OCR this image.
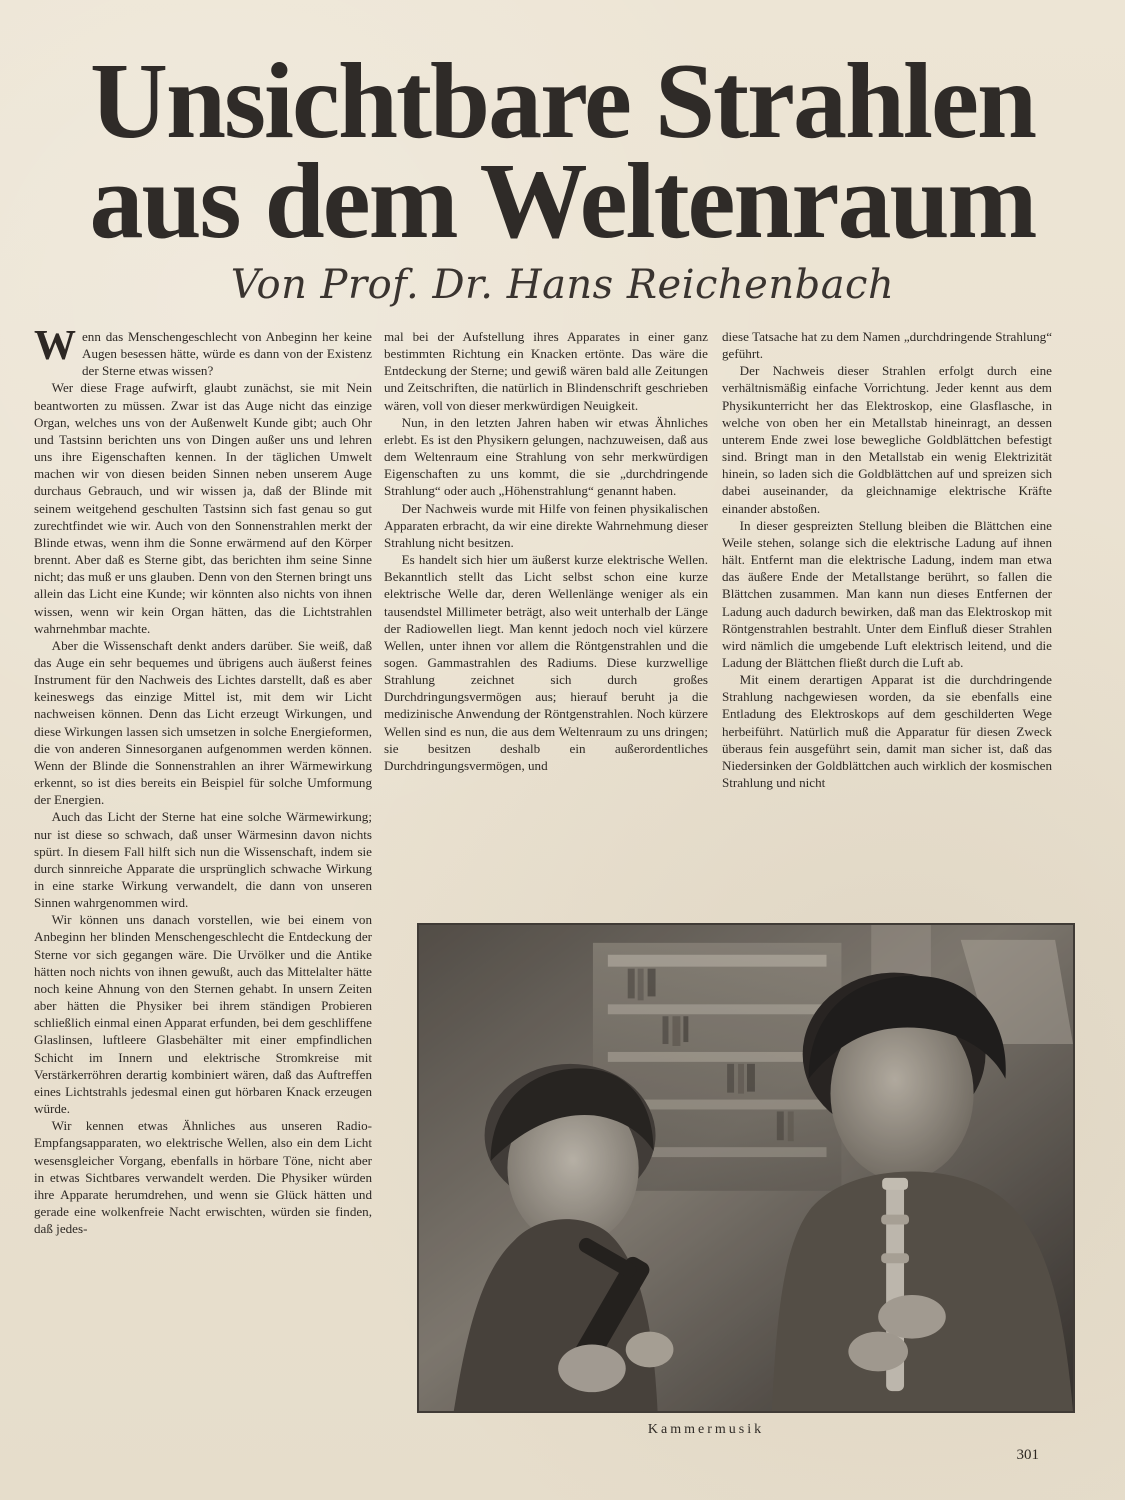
Unsichtbare Strahlen
aus dem Weltenraum
Von Prof. Dr. Hans Reichenbach

W enn das Menschengeschlecht von Anbeginn her keine Augen besessen hätte, würde es dann von der Existenz der Sterne etwas wissen?

Wer diese Frage aufwirft, glaubt zunächst, sie mit Nein beantworten zu müssen. Zwar ist das Auge nicht das einzige Organ, welches uns von der Außenwelt Kunde gibt; auch Ohr und Tastsinn berichten uns von Dingen außer uns und lehren uns ihre Eigenschaften kennen. In der täglichen Umwelt machen wir von diesen beiden Sinnen neben unserem Auge durchaus Gebrauch, und wir wissen ja, daß der Blinde mit seinem weitgehend geschulten Tastsinn sich fast genau so gut zurechtfindet wie wir. Auch von den Sonnenstrahlen merkt der Blinde etwas, wenn ihm die Sonne erwärmend auf den Körper brennt. Aber daß es Sterne gibt, das berichten ihm seine Sinne nicht; das muß er uns glauben. Denn von den Sternen bringt uns allein das Licht eine Kunde; wir könnten also nichts von ihnen wissen, wenn wir kein Organ hätten, das die Lichtstrahlen wahrnehmbar machte.

Aber die Wissenschaft denkt anders darüber. Sie weiß, daß das Auge ein sehr bequemes und übrigens auch äußerst feines Instrument für den Nachweis des Lichtes darstellt, daß es aber keineswegs das einzige Mittel ist, mit dem wir Licht nachweisen können. Denn das Licht erzeugt Wirkungen, und diese Wirkungen lassen sich umsetzen in solche Energieformen, die von anderen Sinnesorganen aufgenommen werden können. Wenn der Blinde die Sonnenstrahlen an ihrer Wärmewirkung erkennt, so ist dies bereits ein Beispiel für solche Umformung der Energien.

Auch das Licht der Sterne hat eine solche Wärmewirkung; nur ist diese so schwach, daß unser Wärmesinn davon nichts spürt. In diesem Fall hilft sich nun die Wissenschaft, indem sie durch sinnreiche Apparate die ursprünglich schwache Wirkung in eine starke Wirkung verwandelt, die dann von unseren Sinnen wahrgenommen wird.

Wir können uns danach vorstellen, wie bei einem von Anbeginn her blinden Menschengeschlecht die Entdeckung der Sterne vor sich gegangen wäre. Die Urvölker und die Antike hätten noch nichts von ihnen gewußt, auch das Mittelalter hätte noch keine Ahnung von den Sternen gehabt. In unsern Zeiten aber hätten die Physiker bei ihrem ständigen Probieren schließlich einmal einen Apparat erfunden, bei dem geschliffene Glaslinsen, luftleere Glasbehälter mit einer empfindlichen Schicht im Innern und elektrische Stromkreise mit Verstärkerröhren derartig kombiniert wären, daß das Auftreffen eines Lichtstrahls jedesmal einen gut hörbaren Knack erzeugen würde.

Wir kennen etwas Ähnliches aus unseren Radio-Empfangsapparaten, wo elektrische Wellen, also ein dem Licht wesensgleicher Vorgang, ebenfalls in hörbare Töne, nicht aber in etwas Sichtbares verwandelt werden. Die Physiker würden ihre Apparate herumdrehen, und wenn sie Glück hätten und gerade eine wolkenfreie Nacht erwischten, würden sie finden, daß jedes-

mal bei der Aufstellung ihres Apparates in einer ganz bestimmten Richtung ein Knacken ertönte. Das wäre die Entdeckung der Sterne; und gewiß wären bald alle Zeitungen und Zeitschriften, die natürlich in Blindenschrift geschrieben wären, voll von dieser merkwürdigen Neuigkeit.

Nun, in den letzten Jahren haben wir etwas Ähnliches erlebt. Es ist den Physikern gelungen, nachzuweisen, daß aus dem Weltenraum eine Strahlung von sehr merkwürdigen Eigenschaften zu uns kommt, die sie „durchdringende Strahlung“ oder auch „Höhenstrahlung“ genannt haben.

Der Nachweis wurde mit Hilfe von feinen physikalischen Apparaten erbracht, da wir eine direkte Wahrnehmung dieser Strahlung nicht besitzen.

Es handelt sich hier um äußerst kurze elektrische Wellen. Bekanntlich stellt das Licht selbst schon eine kurze elektrische Welle dar, deren Wellenlänge weniger als ein tausendstel Millimeter beträgt, also weit unterhalb der Länge der Radiowellen liegt. Man kennt jedoch noch viel kürzere Wellen, unter ihnen vor allem die Röntgenstrahlen und die sogen. Gammastrahlen des Radiums. Diese kurzwellige Strahlung zeichnet sich durch großes Durchdringungsvermögen aus; hierauf beruht ja die medizinische Anwendung der Röntgenstrahlen. Noch kürzere Wellen sind es nun, die aus dem Weltenraum zu uns dringen; sie besitzen deshalb ein außerordentliches Durchdringungsvermögen, und

diese Tatsache hat zu dem Namen „durchdringende Strahlung“ geführt.

Der Nachweis dieser Strahlen erfolgt durch eine verhältnismäßig einfache Vorrichtung. Jeder kennt aus dem Physikunterricht her das Elektroskop, eine Glasflasche, in welche von oben her ein Metallstab hineinragt, an dessen unterem Ende zwei lose bewegliche Goldblättchen befestigt sind. Bringt man in den Metallstab ein wenig Elektrizität hinein, so laden sich die Goldblättchen auf und spreizen sich dabei auseinander, da gleichnamige elektrische Kräfte einander abstoßen.

In dieser gespreizten Stellung bleiben die Blättchen eine Weile stehen, solange sich die elektrische Ladung auf ihnen hält. Entfernt man die elektrische Ladung, indem man etwa das äußere Ende der Metallstange berührt, so fallen die Blättchen zusammen. Man kann nun dieses Entfernen der Ladung auch dadurch bewirken, daß man das Elektroskop mit Röntgenstrahlen bestrahlt. Unter dem Einfluß dieser Strahlen wird nämlich die umgebende Luft elektrisch leitend, und die Ladung der Blättchen fließt durch die Luft ab.

Mit einem derartigen Apparat ist die durchdringende Strahlung nachgewiesen worden, da sie ebenfalls eine Entladung des Elektroskops auf dem geschilderten Wege herbeiführt. Natürlich muß die Apparatur für diesen Zweck überaus fein ausgeführt sein, damit man sicher ist, daß das Niedersinken der Goldblättchen auch wirklich der kosmischen Strahlung und nicht

Kammermusik
301
